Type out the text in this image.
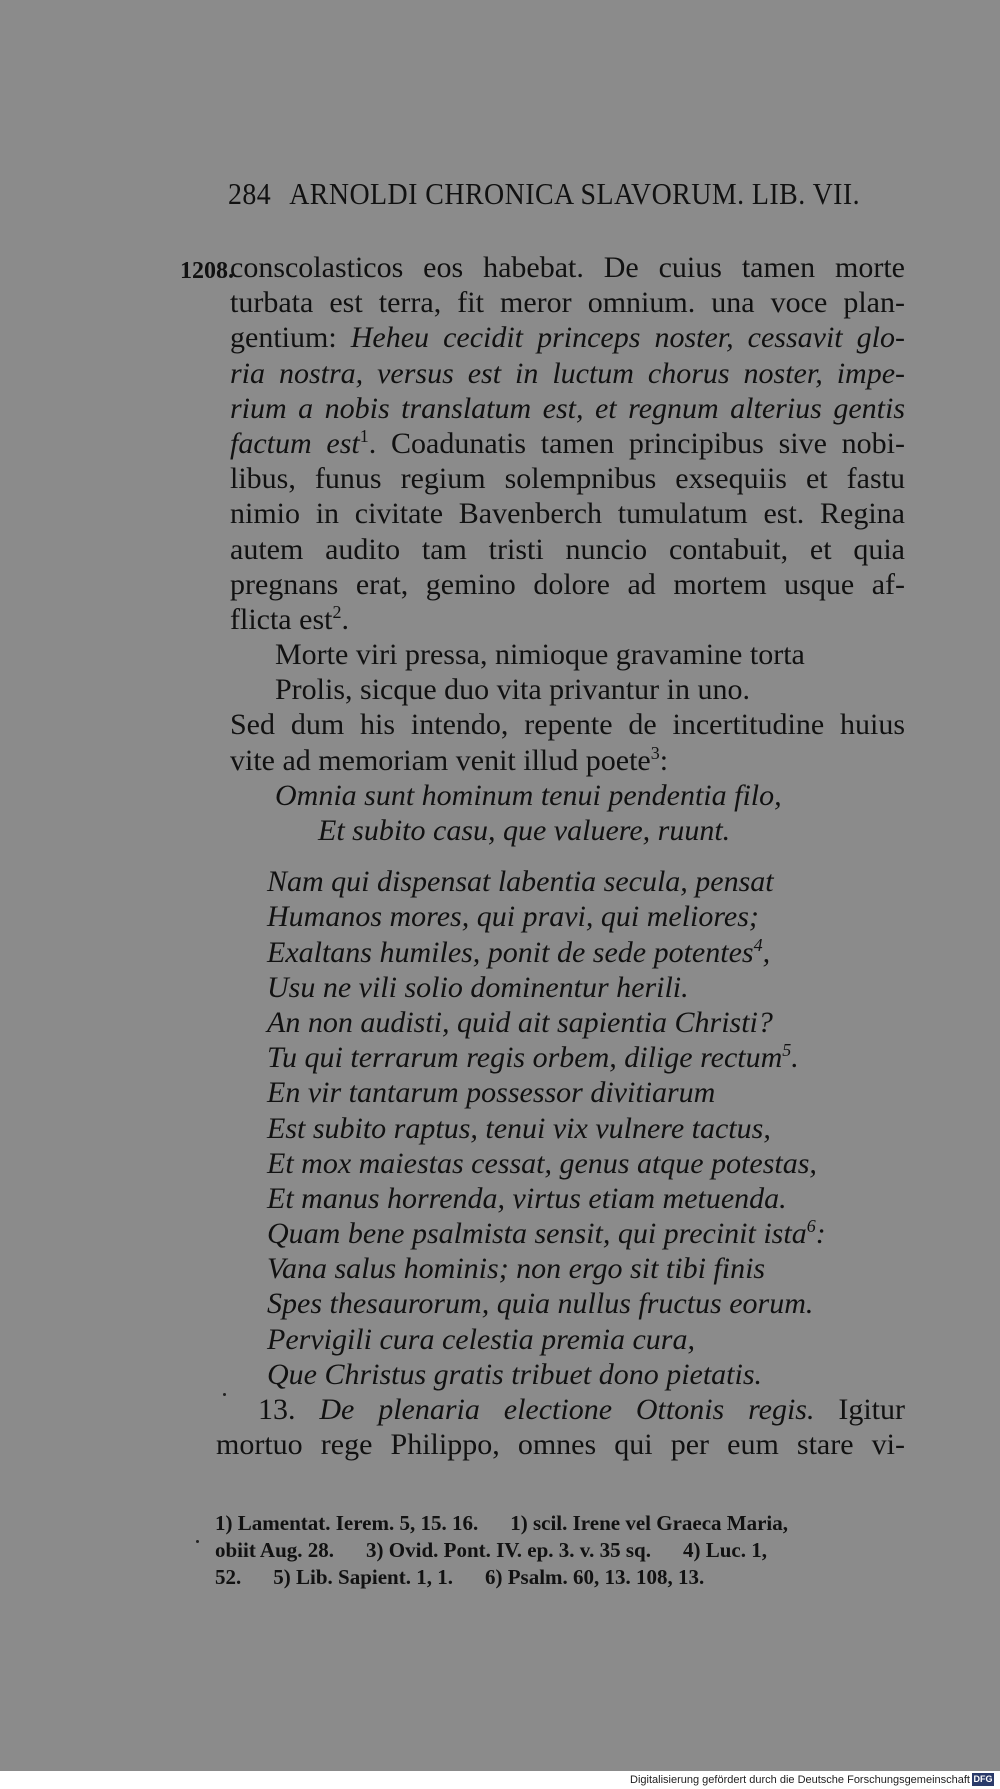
284 ARNOLDI CHRONICA SLAVORUM. LIB. VII.
1208.
conscolasticos eos habebat. De cuius tamen morte
turbata est terra, fit meror omnium. una voce plan-
gentium: Heheu cecidit princeps noster, cessavit glo-
ria nostra, versus est in luctum chorus noster, impe-
rium a nobis translatum est, et regnum alterius gentis
factum est$^1$. Coadunatis tamen principibus sive nobi-
libus, funus regium solempnibus exsequiis et fastu
nimio in civitate Bavenberch tumulatum est. Regina
autem audito tam tristi nuncio contabuit, et quia
pregnans erat, gemino dolore ad mortem usque af-
flicta est$^2$.
Morte viri pressa, nimioque gravamine torta
Prolis, sicque duo vita privantur in uno.
Sed dum his intendo, repente de incertitudine huius
vite ad memoriam venit illud poete$^3$:
Omnia sunt hominum tenui pendentia filo,
Et subito casu, que valuere, ruunt.
Nam qui dispensat labentia secula, pensat
Humanos mores, qui pravi, qui meliores;
Exaltans humiles, ponit de sede potentes$^4$,
Usu ne vili solio dominentur herili.
An non audisti, quid ait sapientia Christi?
Tu qui terrarum regis orbem, dilige rectum$^5$.
En vir tantarum possessor divitiarum
Est subito raptus, tenui vix vulnere tactus,
Et mox maiestas cessat, genus atque potestas,
Et manus horrenda, virtus etiam metuenda.
Quam bene psalmista sensit, qui precinit ista$^6$:
Vana salus hominis; non ergo sit tibi finis
Spes thesaurorum, quia nullus fructus eorum.
Pervigili cura celestia premia cura,
Que Christus gratis tribuet dono pietatis.
13. De plenaria electione Ottonis regis. Igitur
mortuo rege Philippo, omnes qui per eum stare vi-
1) Lamentat. Ierem. 5, 15. 16. 1) scil. Irene vel Graeca Maria,
obiit Aug. 28. 3) Ovid. Pont. IV. ep. 3. v. 35 sq. 4) Luc. 1,
52. 5) Lib. Sapient. 1, 1. 6) Psalm. 60, 13. 108, 13.
Digitalisierung gefördert durch die Deutsche Forschungsgemeinschaft DFG
